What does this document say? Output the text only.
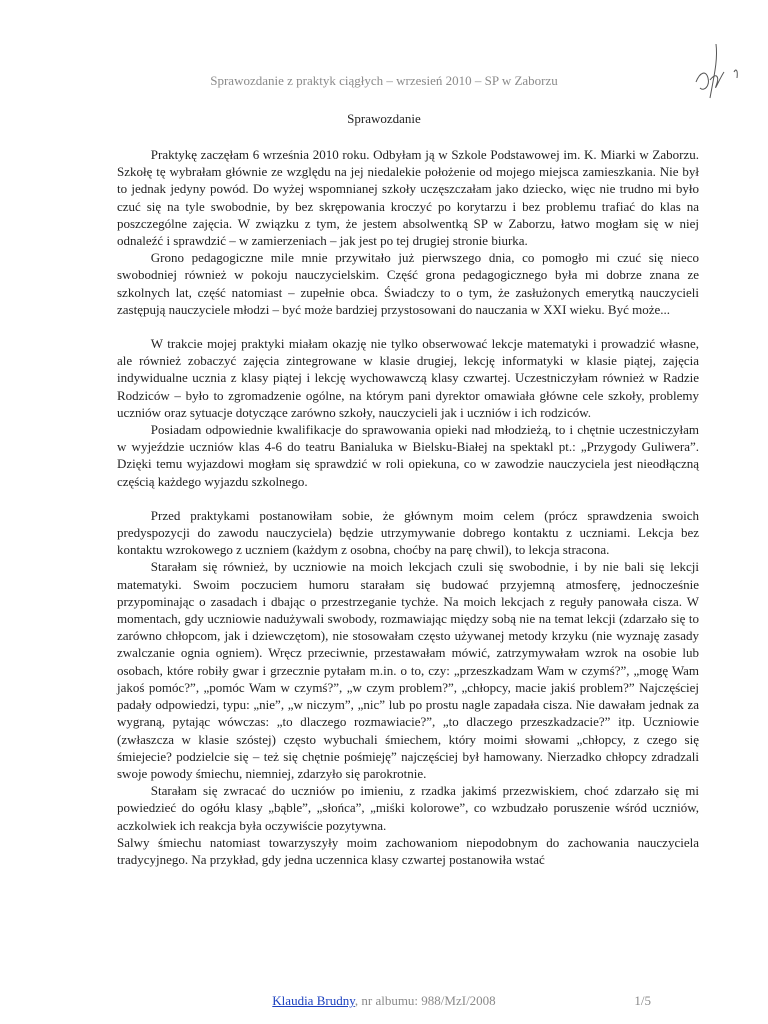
Sprawozdanie z praktyk ciągłych – wrzesień 2010 – SP w Zaborzu
Sprawozdanie

Praktykę zaczęłam 6 września 2010 roku. Odbyłam ją w Szkole Podstawowej im. K. Miarki w Zaborzu. Szkołę tę wybrałam głównie ze względu na jej niedalekie położenie od mojego miejsca zamieszkania. Nie był to jednak jedyny powód. Do wyżej wspomnianej szkoły uczęszczałam jako dziecko, więc nie trudno mi było czuć się na tyle swobodnie, by bez skrępowania kroczyć po korytarzu i bez problemu trafiać do klas na poszczególne zajęcia. W związku z tym, że jestem absolwentką SP w Zaborzu, łatwo mogłam się w niej odnaleźć i sprawdzić – w zamierzeniach – jak jest po tej drugiej stronie biurka.

Grono pedagogiczne mile mnie przywitało już pierwszego dnia, co pomogło mi czuć się nieco swobodniej również w pokoju nauczycielskim. Część grona pedagogicznego była mi dobrze znana ze szkolnych lat, część natomiast – zupełnie obca. Świadczy to o tym, że zasłużonych emerytką nauczycieli zastępują nauczyciele młodzi – być może bardziej przystosowani do nauczania w XXI wieku. Być może...

W trakcie mojej praktyki miałam okazję nie tylko obserwować lekcje matematyki i prowadzić własne, ale również zobaczyć zajęcia zintegrowane w klasie drugiej, lekcję informatyki w klasie piątej, zajęcia indywidualne ucznia z klasy piątej i lekcję wychowawczą klasy czwartej. Uczestniczyłam również w Radzie Rodziców – było to zgromadzenie ogólne, na którym pani dyrektor omawiała główne cele szkoły, problemy uczniów oraz sytuacje dotyczące zarówno szkoły, nauczycieli jak i uczniów i ich rodziców.

Posiadam odpowiednie kwalifikacje do sprawowania opieki nad młodzieżą, to i chętnie uczestniczyłam w wyjeździe uczniów klas 4-6 do teatru Banialuka w Bielsku-Białej na spektakl pt.: „Przygody Guliwera”. Dzięki temu wyjazdowi mogłam się sprawdzić w roli opiekuna, co w zawodzie nauczyciela jest nieodłączną częścią każdego wyjazdu szkolnego.

Przed praktykami postanowiłam sobie, że głównym moim celem (prócz sprawdzenia swoich predyspozycji do zawodu nauczyciela) będzie utrzymywanie dobrego kontaktu z uczniami. Lekcja bez kontaktu wzrokowego z uczniem (każdym z osobna, choćby na parę chwil), to lekcja stracona.

Starałam się również, by uczniowie na moich lekcjach czuli się swobodnie, i by nie bali się lekcji matematyki. Swoim poczuciem humoru starałam się budować przyjemną atmosferę, jednocześnie przypominając o zasadach i dbając o przestrzeganie tychże. Na moich lekcjach z reguły panowała cisza. W momentach, gdy uczniowie nadużywali swobody, rozmawiając między sobą nie na temat lekcji (zdarzało się to zarówno chłopcom, jak i dziewczętom), nie stosowałam często używanej metody krzyku (nie wyznaję zasady zwalczanie ognia ogniem). Wręcz przeciwnie, przestawałam mówić, zatrzymywałam wzrok na osobie lub osobach, które robiły gwar i grzecznie pytałam m.in. o to, czy: „przeszkadzam Wam w czymś?”, „mogę Wam jakoś pomóc?”, „pomóc Wam w czymś?”, „w czym problem?”, „chłopcy, macie jakiś problem?” Najczęściej padały odpowiedzi, typu: „nie”, „w niczym”, „nic” lub po prostu nagle zapadała cisza. Nie dawałam jednak za wygraną, pytając wówczas: „to dlaczego rozmawiacie?”, „to dlaczego przeszkadzacie?” itp. Uczniowie (zwłaszcza w klasie szóstej) często wybuchali śmiechem, który moimi słowami „chłopcy, z czego się śmiejecie? podzielcie się – też się chętnie pośmieję” najczęściej był hamowany. Nierzadko chłopcy zdradzali swoje powody śmiechu, niemniej, zdarzyło się parokrotnie.

Starałam się zwracać do uczniów po imieniu, z rzadka jakimś przezwiskiem, choć zdarzało się mi powiedzieć do ogółu klasy „bąble”, „słońca”, „miśki kolorowe”, co wzbudzało poruszenie wśród uczniów, aczkolwiek ich reakcja była oczywiście pozytywna.

Salwy śmiechu natomiast towarzyszyły moim zachowaniom niepodobnym do zachowania nauczyciela tradycyjnego. Na przykład, gdy jedna uczennica klasy czwartej postanowiła wstać

Klaudia Brudny, nr albumu: 988/MzI/2008	1/5
